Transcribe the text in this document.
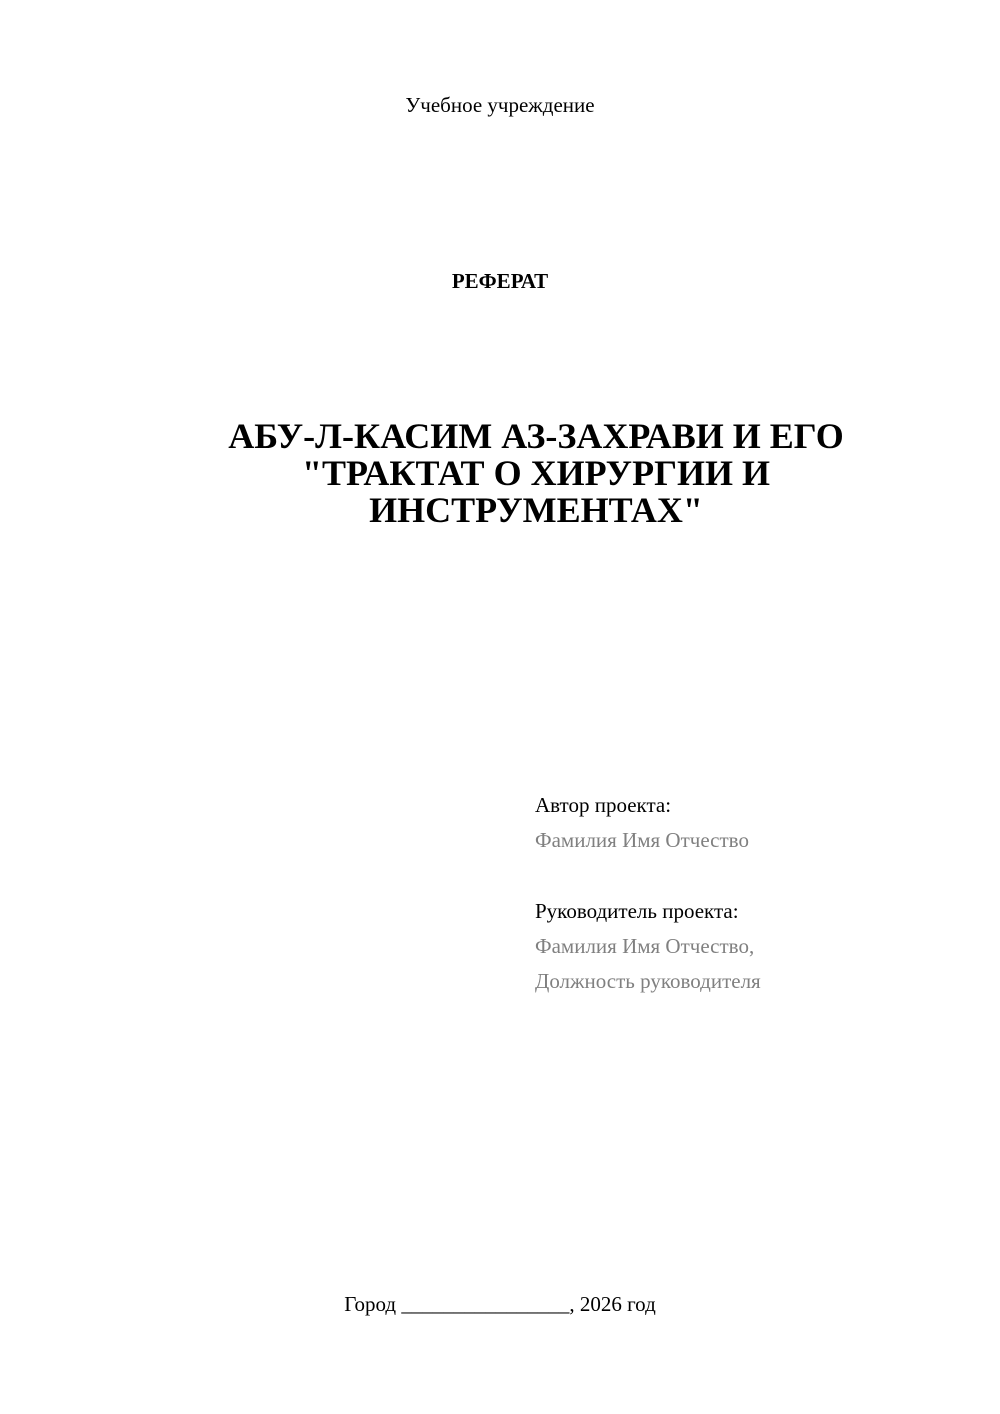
Учебное учреждение
РЕФЕРАТ
АБУ-Л-КАСИМ АЗ-ЗАХРАВИ И ЕГО
"ТРАКТАТ О ХИРУРГИИ И
ИНСТРУМЕНТАХ"
Автор проекта:
Фамилия Имя Отчество
Руководитель проекта:
Фамилия Имя Отчество,
Должность руководителя
Город ________________, 2026 год
